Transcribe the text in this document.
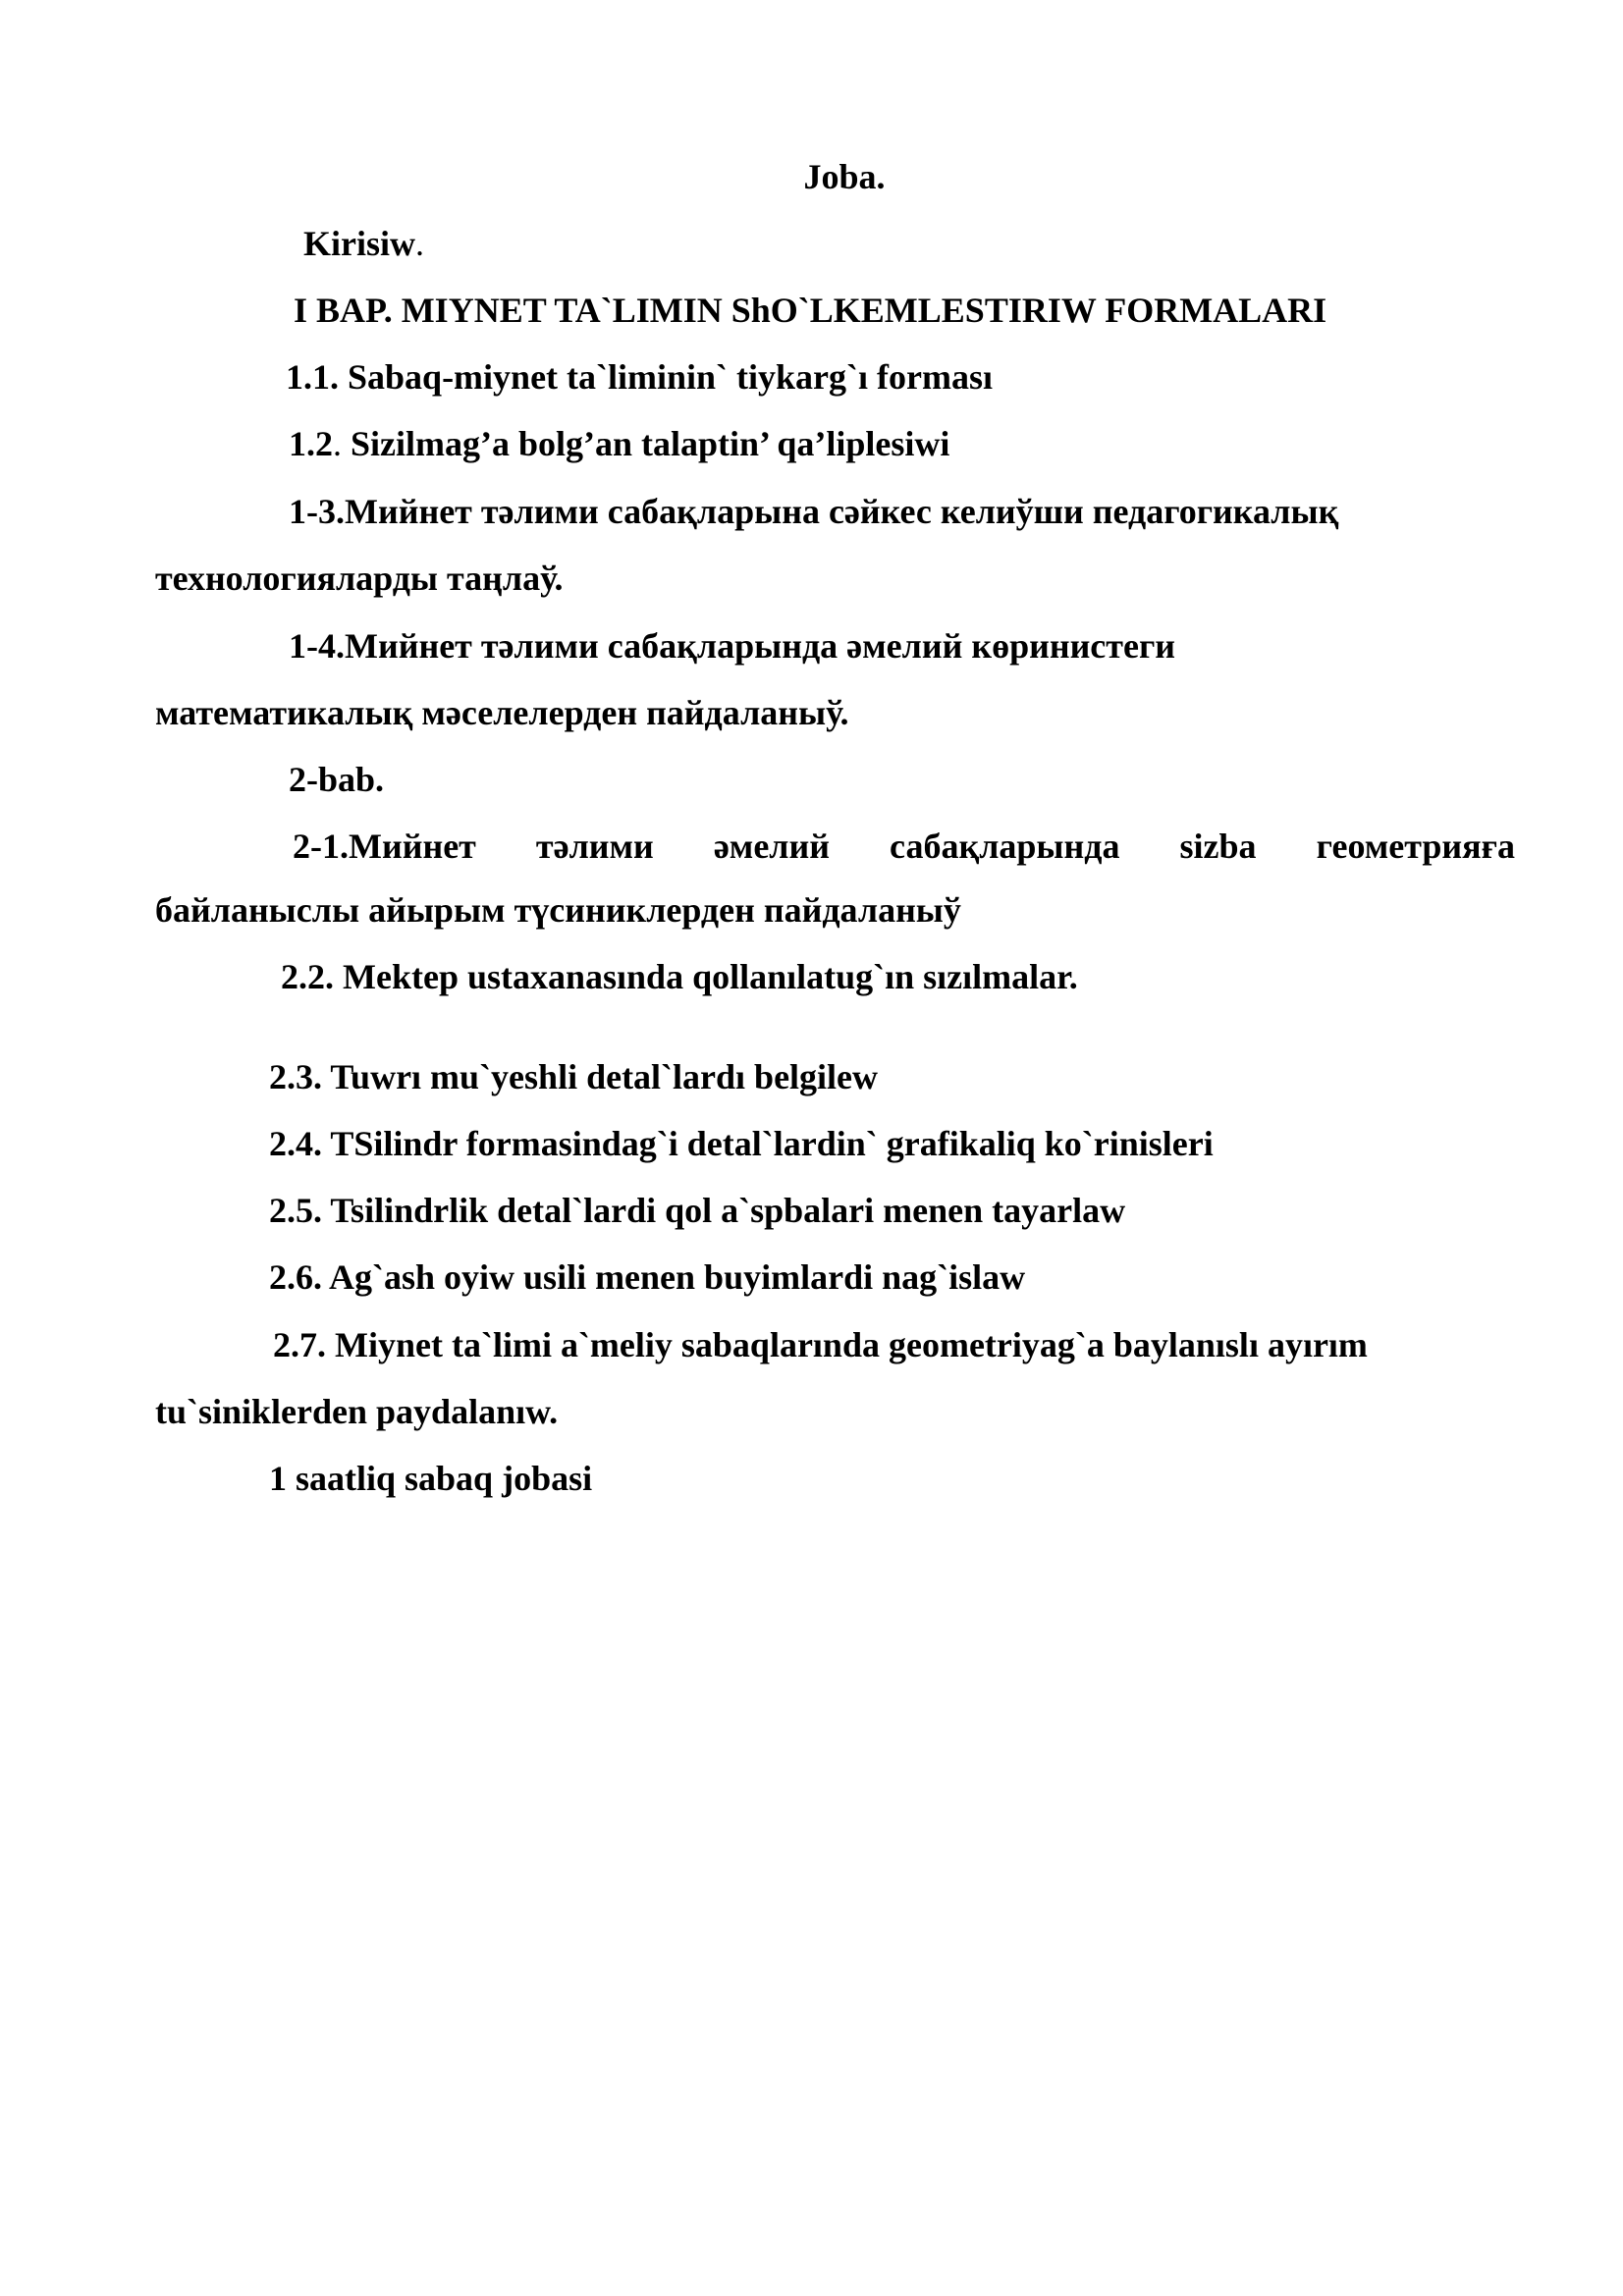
Joba.
Kirisiw.
I BAP. MIYNET TA`LIMIN ShO`LKEMLESTIRIW FORMALARI
1.1. Sabaq-miynet ta`liminin` tiykarg`ı forması
1.2. Sizilmag’a bolg’an talaptin’ qa’liplesiwi
1-3.Мийнет тәлими сабақларына сәйкес келиўши педагогикалық
технологияларды таңлаў.
1-4.Мийнет тәлими сабақларында әмелий көринистеги
математикалық мәселелерден пайдаланыў.
2-bab.
2-1.Мийнет тәлими әмелий сабақларында sizba геометрияға
байланыслы айырым түсиниклерден пайдаланыў
2.2. Mektep ustaxanasında qollanılatug`ın sızılmalar.
2.3. Tuwrı mu`yeshli detal`lardı belgilew
2.4. TSilindr formasindag`i detal`lardin` grafikaliq ko`rinisleri
2.5. Tsilindrlik detal`lardi qol a`spbalari menen tayarlaw
2.6. Ag`ash oyiw usili menen buyimlardi nag`islaw
2.7. Miynet ta`limi a`meliy sabaqlarında geometriyag`a baylanıslı ayırım
tu`siniklerden paydalanıw.
1 saatliq sabaq jobasi
